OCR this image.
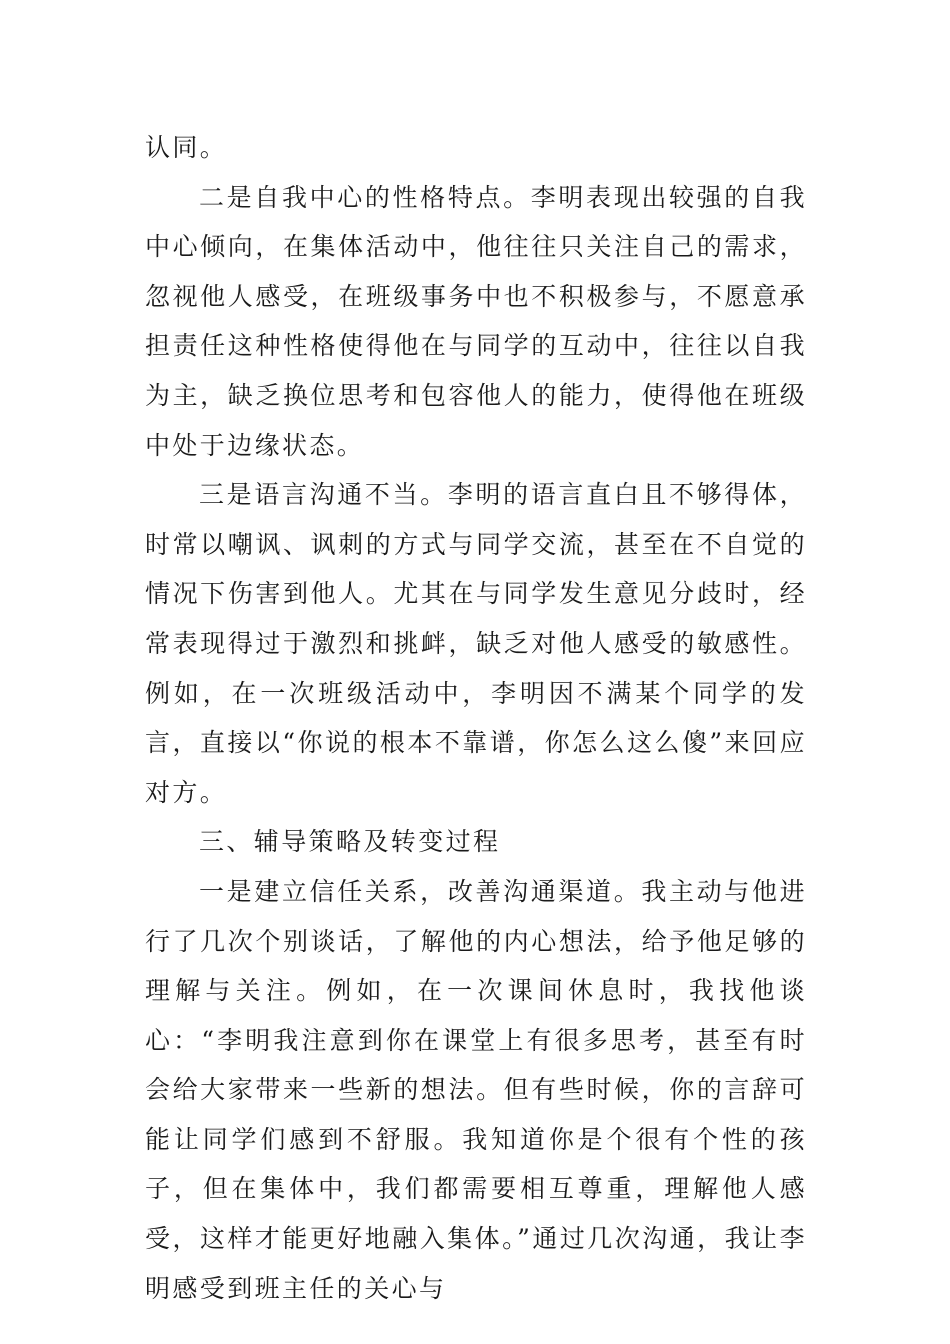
认同。

二是自我中心的性格特点。李明表现出较强的自我中心倾向，在集体活动中，他往往只关注自己的需求，忽视他人感受，在班级事务中也不积极参与，不愿意承担责任这种性格使得他在与同学的互动中，往往以自我为主，缺乏换位思考和包容他人的能力，使得他在班级中处于边缘状态。

三是语言沟通不当。李明的语言直白且不够得体，时常以嘲讽、讽刺的方式与同学交流，甚至在不自觉的情况下伤害到他人。尤其在与同学发生意见分歧时，经常表现得过于激烈和挑衅，缺乏对他人感受的敏感性。例如，在一次班级活动中，李明因不满某个同学的发言，直接以“你说的根本不靠谱，你怎么这么傻”来回应对方。

三、辅导策略及转变过程

一是建立信任关系，改善沟通渠道。我主动与他进行了几次个别谈话，了解他的内心想法，给予他足够的理解与关注。例如，在一次课间休息时，我找他谈心：“李明我注意到你在课堂上有很多思考，甚至有时会给大家带来一些新的想法。但有些时候，你的言辞可能让同学们感到不舒服。我知道你是个很有个性的孩子，但在集体中，我们都需要相互尊重，理解他人感受，这样才能更好地融入集体。”通过几次沟通，我让李明感受到班主任的关心与
